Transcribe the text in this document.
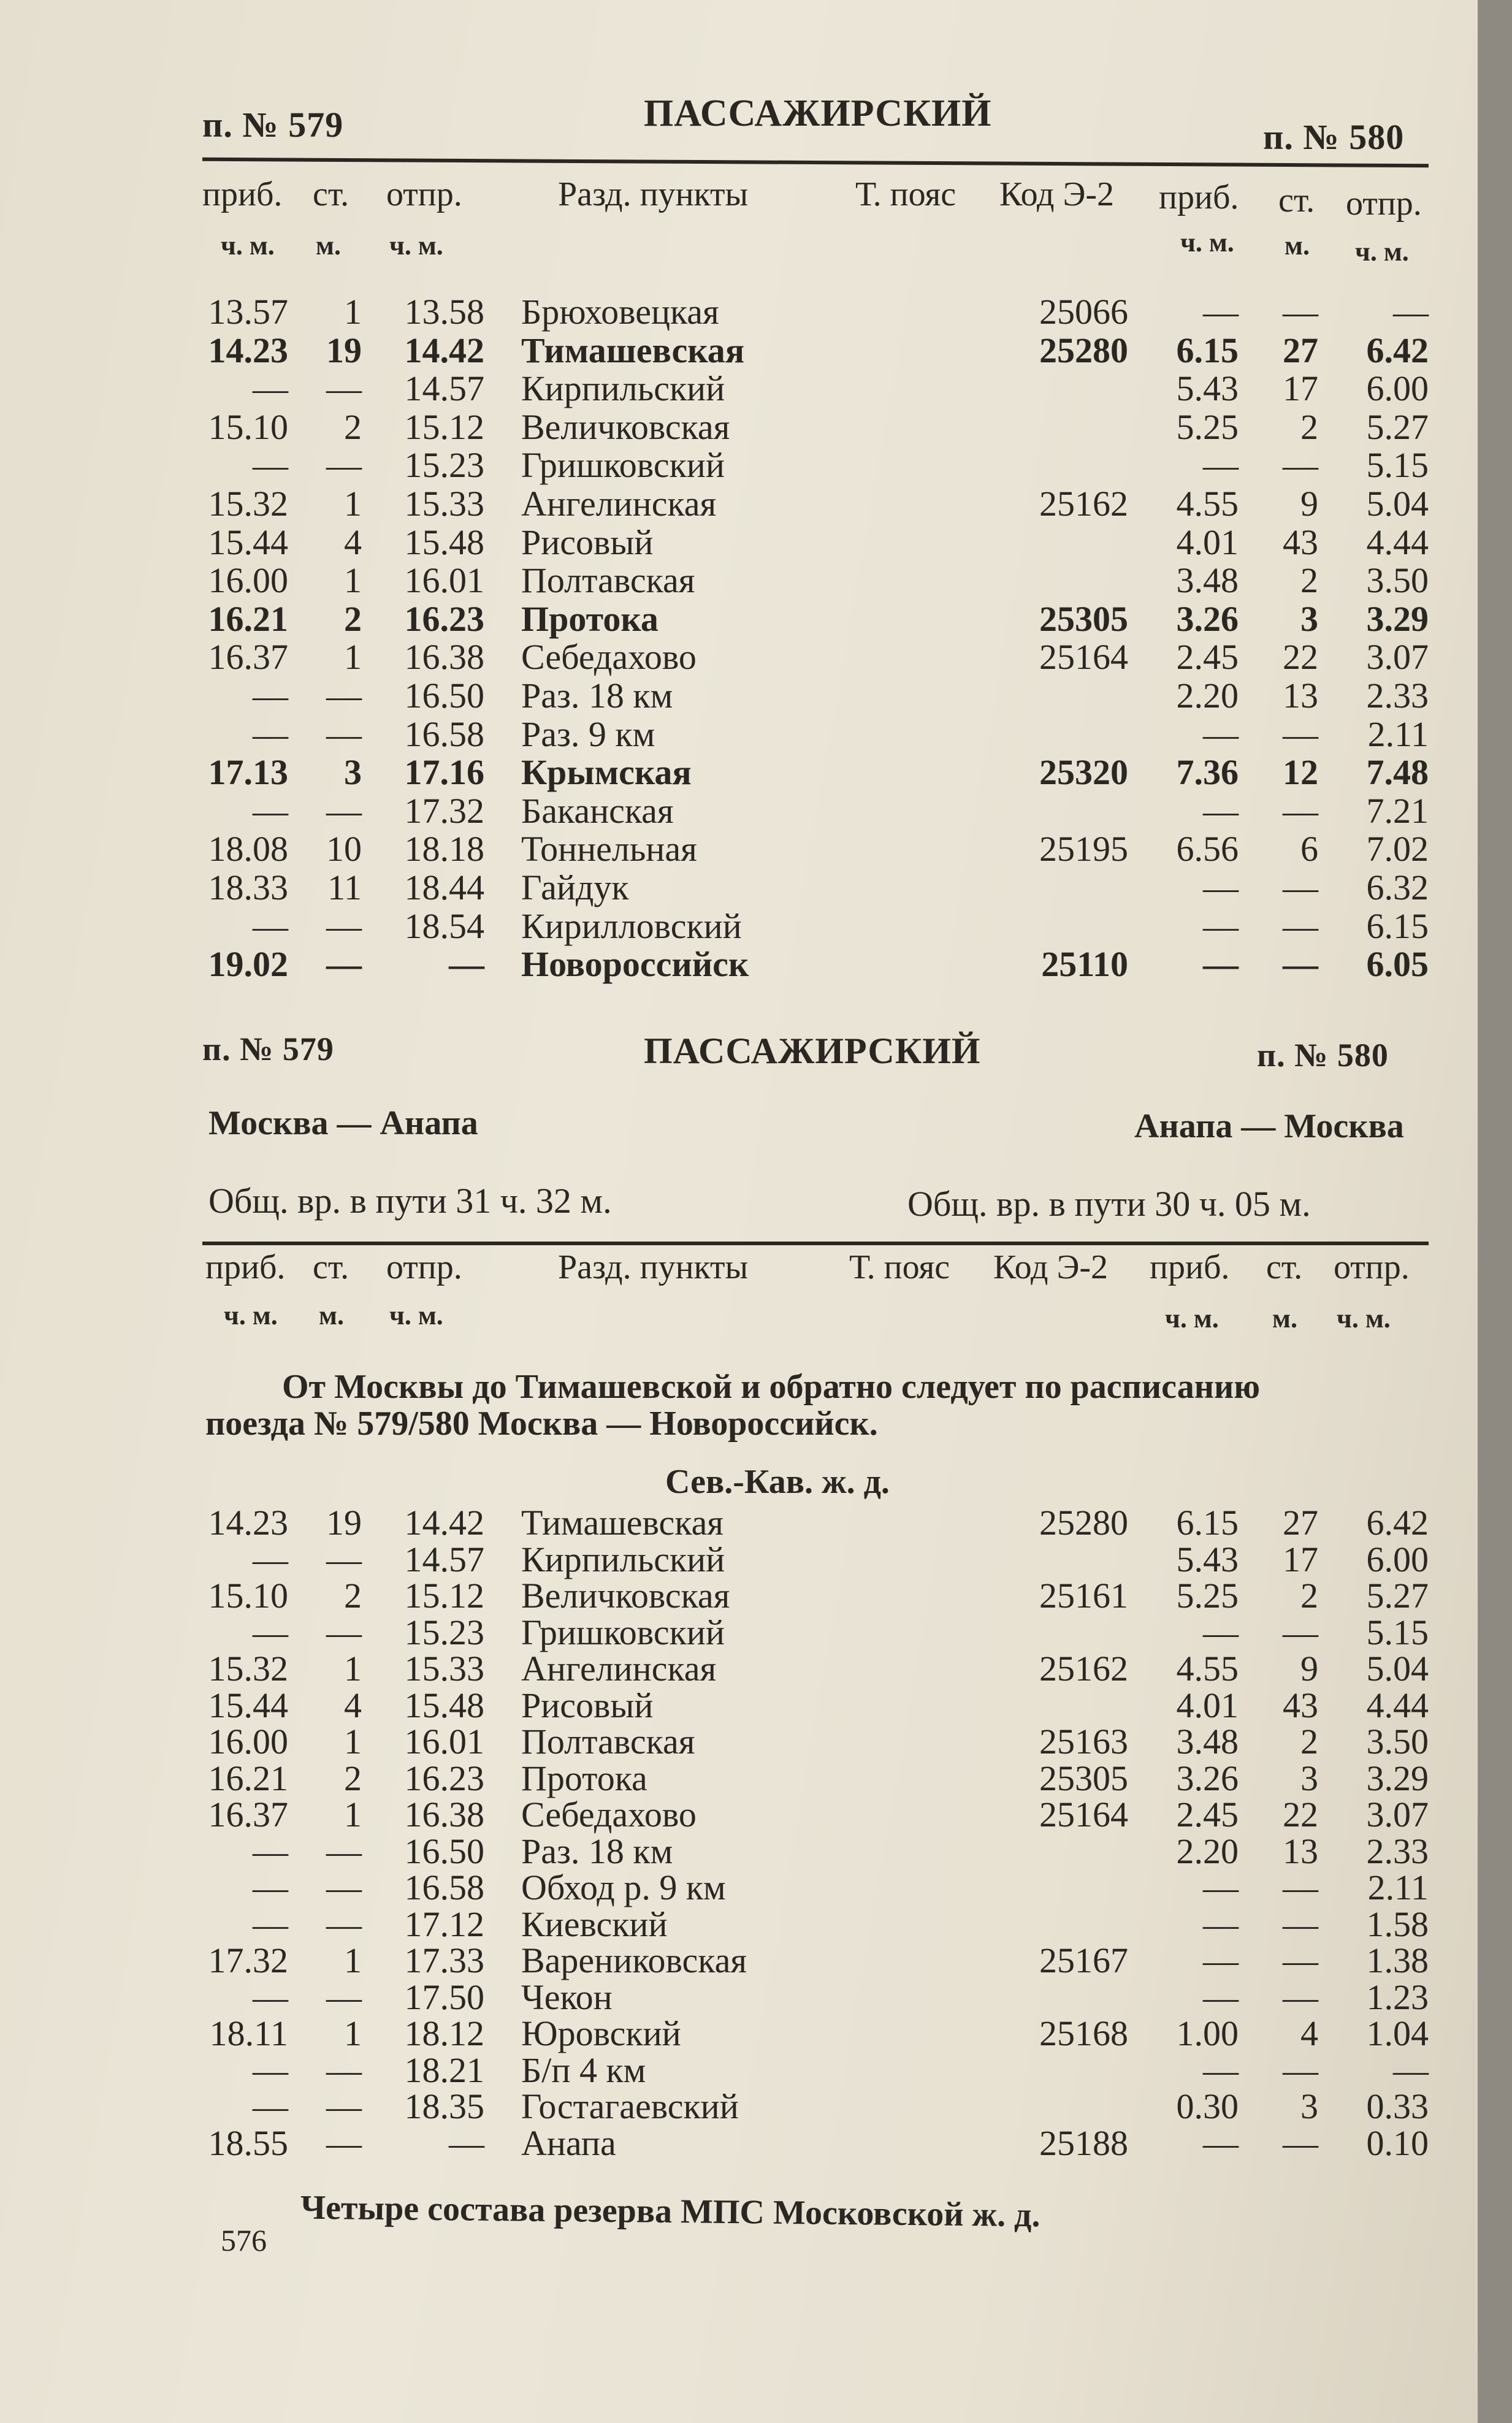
п. № 579	ПАССАЖИРСКИЙ
п. № 580
приб. ст. отпр.	Разд. пункты	Т. пояс Код Э-2 приб. ст. отпр.
ч. м. м. ч. м.	ч. м. м. ч. м.
13.57	1	13.58 Брюховецкая	25066	—	—	—
14.23	19	14.42 Тимашевская	25280	6.15	27	6.42
—	—	14.57 Кирпильский	5.43	17	6.00
15.10	2	15.12 Величковская	5.25	2	5.27
—	—	15.23 Гришковский	—	—	5.15
15.32	1	15.33 Ангелинская	25162	4.55	9	5.04
15.44	4	15.48 Рисовый	4.01	43	4.44
16.00	1	16.01 Полтавская	3.48	2	3.50
16.21	2	16.23 Протока	25305	3.26	3	3.29
16.37	1	16.38 Себедахово	25164	2.45	22	3.07
—	—	16.50 Раз. 18 км	2.20	13	2.33
—	—	16.58 Раз. 9 км	—	—	2.11
17.13	3	17.16 Крымская	25320	7.36	12	7.48
—	—	17.32 Баканская	—	—	7.21
18.08	10	18.18 Тоннельная	25195	6.56	6	7.02
18.33	11	18.44 Гайдук	—	—	6.32
—	—	18.54 Кирилловский	—	—	6.15
19.02	—	— Новороссийск	25110	—	—	6.05
п. № 579	ПАССАЖИРСКИЙ	п. № 580
Москва — Анапа	Анапа — Москва
Общ. вр. в пути 31 ч. 32 м.	Общ. вр. в пути 30 ч. 05 м.
приб. ст. отпр.	Разд. пункты	Т. пояс Код Э-2 приб. ст. отпр.
ч. м. м. ч. м.	ч. м. м. ч. м.
От Москвы до Тимашевской и обратно следует по расписанию
поезда № 579/580 Москва — Новороссийск.
Сев.-Кав. ж. д.
14.23	19	14.42 Тимашевская	25280	6.15	27	6.42
—	—	14.57 Кирпильский	5.43	17	6.00
15.10	2	15.12 Величковская	25161	5.25	2	5.27
—	—	15.23 Гришковский	—	—	5.15
15.32	1	15.33 Ангелинская	25162	4.55	9	5.04
15.44	4	15.48 Рисовый	4.01	43	4.44
16.00	1	16.01 Полтавская	25163	3.48	2	3.50
16.21	2	16.23 Протока	25305	3.26	3	3.29
16.37	1	16.38 Себедахово	25164	2.45	22	3.07
—	—	16.50 Раз. 18 км	2.20	13	2.33
—	—	16.58 Обход р. 9 км	—	—	2.11
—	—	17.12 Киевский	—	—	1.58
17.32	1	17.33 Варениковская	25167	—	—	1.38
—	—	17.50 Чекон	—	—	1.23
18.11	1	18.12 Юровский	25168	1.00	4	1.04
—	—	18.21 Б/п 4 км	—	—	—
—	—	18.35 Гостагаевский	0.30	3	0.33
18.55	—	— Анапа	25188	—	—	0.10
Четыре состава резерва МПС Московской ж. д.
576
